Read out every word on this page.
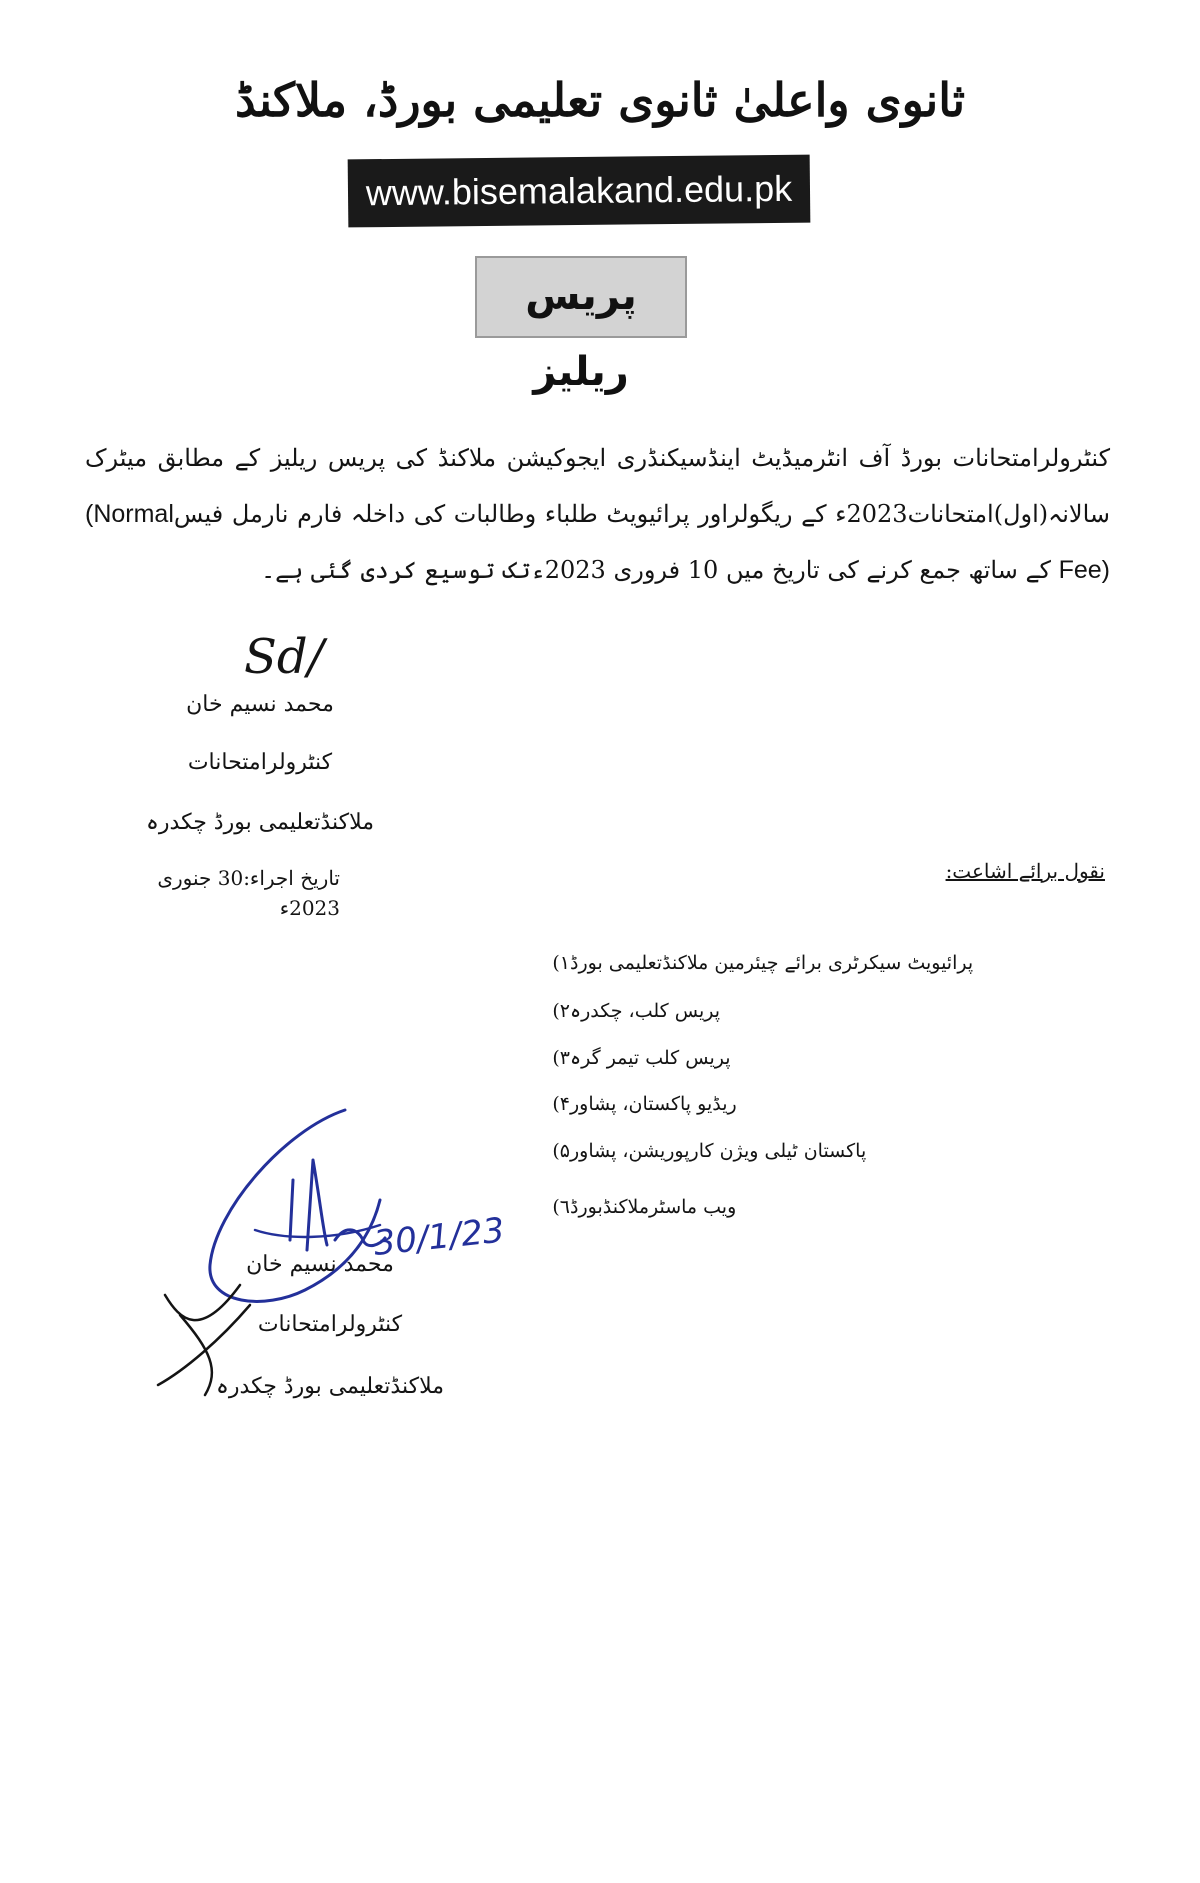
ثانوی واعلیٰ ثانوی تعلیمی بورڈ، ملاکنڈ
www.bisemalakand.edu.pk
پریس ریلیز
کنٹرولرامتحانات بورڈ آف انٹرمیڈیٹ اینڈسیکنڈری ایجوکیشن ملاکنڈ کی پریس ریلیز کے مطابق میٹرک سالانہ(اول)امتحانات2023ء کے ریگولراور پرائیویٹ طلباء وطالبات کی داخلہ فارم نارمل فیس(Normal Fee) کے ساتھ جمع کرنے کی تاریخ میں 10 فروری 2023ءتک توسیع کردی گئی ہے۔
Sd/
محمد نسیم خان
کنٹرولرامتحانات
ملاکنڈتعلیمی بورڈ چکدرہ
تاریخ اجراء:30 جنوری 2023ء
نقول برائے اشاعت:
۱) پرائیویٹ سیکرٹری برائے چیئرمین ملاکنڈتعلیمی بورڈ
۲) پریس کلب، چکدرہ
۳) پریس کلب تیمر گرہ
۴) ریڈیو پاکستان، پشاور
۵) پاکستان ٹیلی ویژن کارپوریشن، پشاور
٦) ویب ماسٹرملاکنڈبورڈ
30/1/23
محمد نسیم خان
کنٹرولرامتحانات
ملاکنڈتعلیمی بورڈ چکدرہ
